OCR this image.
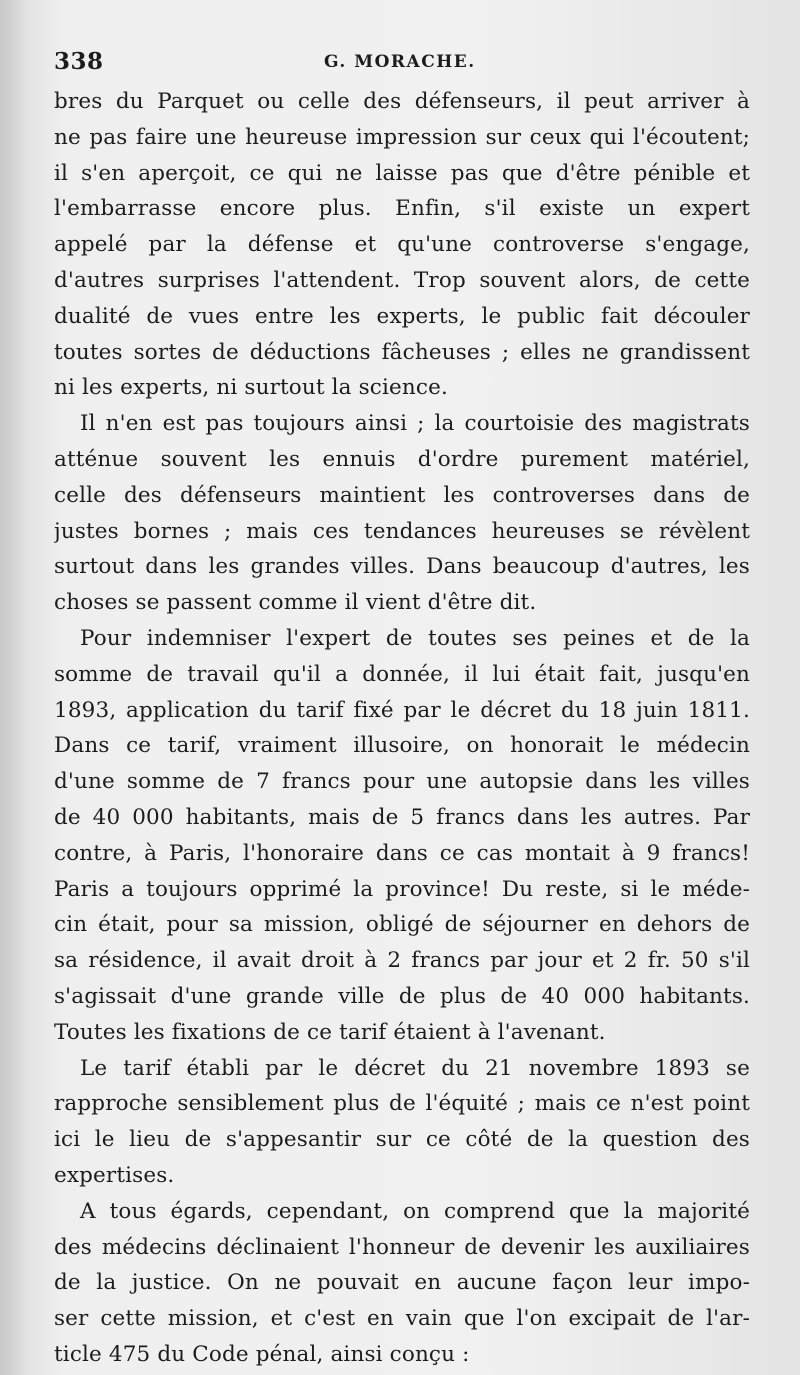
338	G. MORACHE.
bres du Parquet ou celle des défenseurs, il peut arriver à
ne pas faire une heureuse impression sur ceux qui l'écoutent;
il s'en aperçoit, ce qui ne laisse pas que d'être pénible et
l'embarrasse encore plus. Enfin, s'il existe un expert
appelé par la défense et qu'une controverse s'engage,
d'autres surprises l'attendent. Trop souvent alors, de cette
dualité de vues entre les experts, le public fait découler
toutes sortes de déductions fâcheuses ; elles ne grandissent
ni les experts, ni surtout la science.
Il n'en est pas toujours ainsi ; la courtoisie des magistrats
atténue souvent les ennuis d'ordre purement matériel,
celle des défenseurs maintient les controverses dans de
justes bornes ; mais ces tendances heureuses se révèlent
surtout dans les grandes villes. Dans beaucoup d'autres, les
choses se passent comme il vient d'être dit.
Pour indemniser l'expert de toutes ses peines et de la
somme de travail qu'il a donnée, il lui était fait, jusqu'en
1893, application du tarif fixé par le décret du 18 juin 1811.
Dans ce tarif, vraiment illusoire, on honorait le médecin
d'une somme de 7 francs pour une autopsie dans les villes
de 40 000 habitants, mais de 5 francs dans les autres. Par
contre, à Paris, l'honoraire dans ce cas montait à 9 francs!
Paris a toujours opprimé la province! Du reste, si le méde-
cin était, pour sa mission, obligé de séjourner en dehors de
sa résidence, il avait droit à 2 francs par jour et 2 fr. 50 s'il
s'agissait d'une grande ville de plus de 40 000 habitants.
Toutes les fixations de ce tarif étaient à l'avenant.
Le tarif établi par le décret du 21 novembre 1893 se
rapproche sensiblement plus de l'équité ; mais ce n'est point
ici le lieu de s'appesantir sur ce côté de la question des
expertises.
A tous égards, cependant, on comprend que la majorité
des médecins déclinaient l'honneur de devenir les auxiliaires
de la justice. On ne pouvait en aucune façon leur impo-
ser cette mission, et c'est en vain que l'on excipait de l'ar-
ticle 475 du Code pénal, ainsi conçu :
